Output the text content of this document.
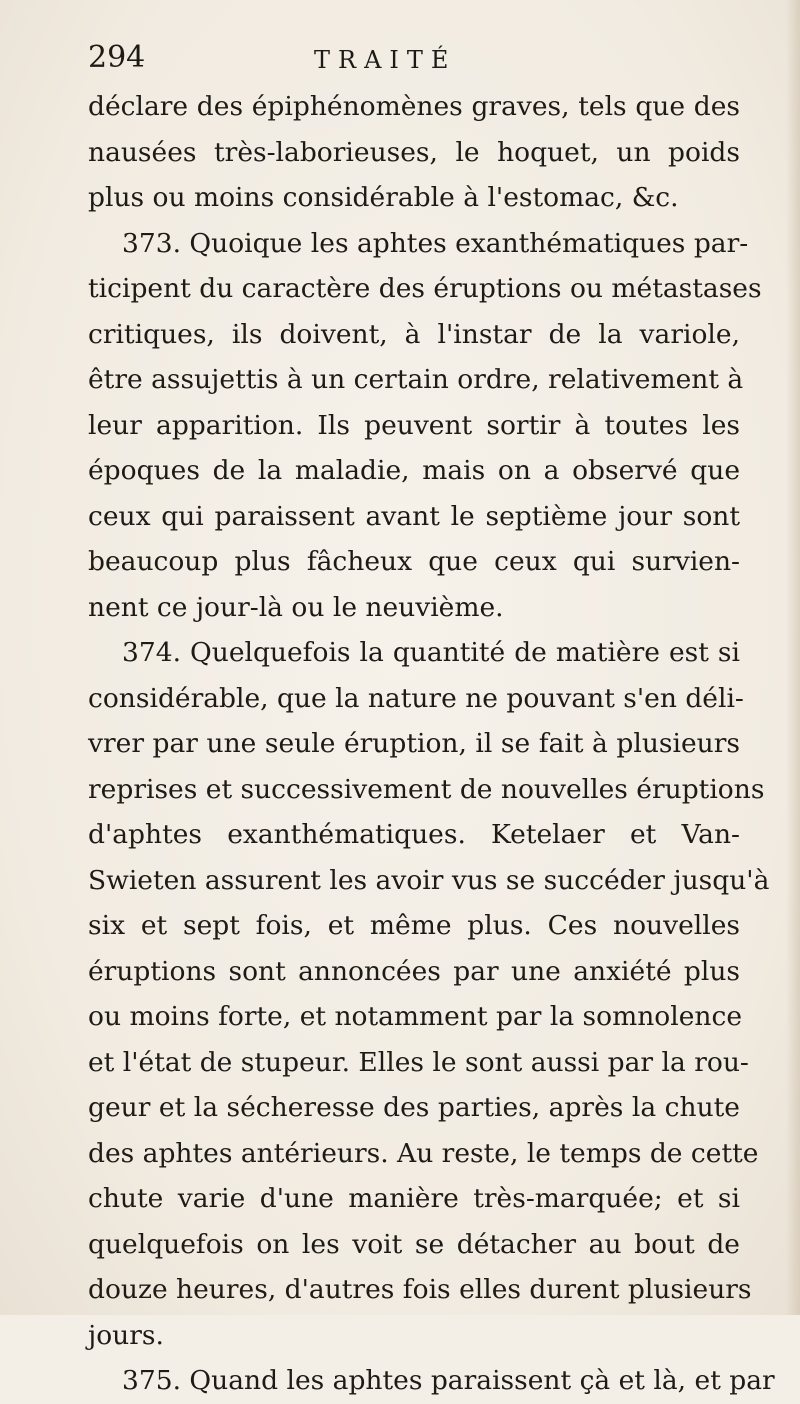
294	TRAITÉ
déclare des épiphénomènes graves, tels que des
nausées très-laborieuses, le hoquet, un poids
plus ou moins considérable à l'estomac, &c.
373. Quoique les aphtes exanthématiques par-
ticipent du caractère des éruptions ou métastases
critiques, ils doivent, à l'instar de la variole,
être assujettis à un certain ordre, relativement à
leur apparition. Ils peuvent sortir à toutes les
époques de la maladie, mais on a observé que
ceux qui paraissent avant le septième jour sont
beaucoup plus fâcheux que ceux qui survien-
nent ce jour-là ou le neuvième.
374. Quelquefois la quantité de matière est si
considérable, que la nature ne pouvant s'en déli-
vrer par une seule éruption, il se fait à plusieurs
reprises et successivement de nouvelles éruptions
d'aphtes exanthématiques. Ketelaer et Van-
Swieten assurent les avoir vus se succéder jusqu'à
six et sept fois, et même plus. Ces nouvelles
éruptions sont annoncées par une anxiété plus
ou moins forte, et notamment par la somnolence
et l'état de stupeur. Elles le sont aussi par la rou-
geur et la sécheresse des parties, après la chute
des aphtes antérieurs. Au reste, le temps de cette
chute varie d'une manière très-marquée; et si
quelquefois on les voit se détacher au bout de
douze heures, d'autres fois elles durent plusieurs
jours.
375. Quand les aphtes paraissent çà et là, et par
